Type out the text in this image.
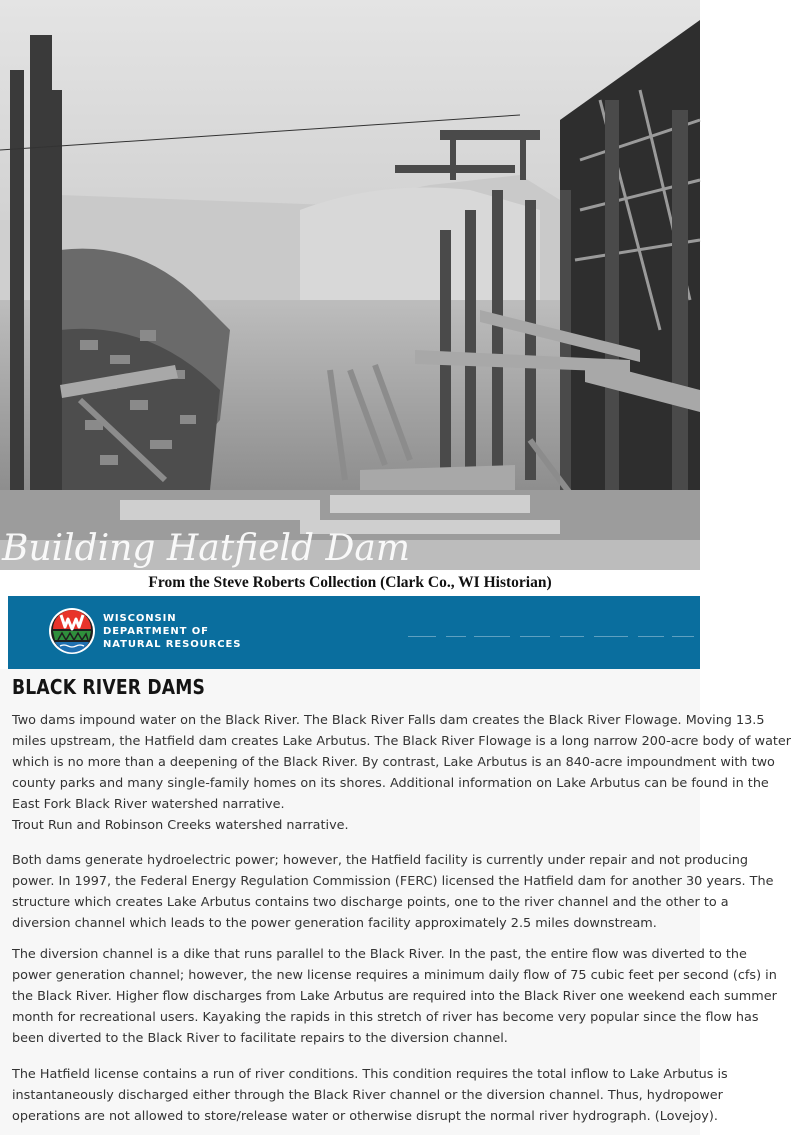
Building Hatfield Dam
From the Steve Roberts Collection (Clark Co., WI Historian)
WISCONSIN
DEPARTMENT OF
NATURAL RESOURCES
BLACK RIVER DAMS

Two dams impound water on the Black River. The Black River Falls dam creates the Black River Flowage. Moving 13.5
miles upstream, the Hatfield dam creates Lake Arbutus. The Black River Flowage is a long narrow 200-acre body of water
which is no more than a deepening of the Black River. By contrast, Lake Arbutus is an 840-acre impoundment with two
county parks and many single-family homes on its shores. Additional information on Lake Arbutus can be found in the
East Fork Black River watershed narrative.
Trout Run and Robinson Creeks watershed narrative.

Both dams generate hydroelectric power; however, the Hatfield facility is currently under repair and not producing
power. In 1997, the Federal Energy Regulation Commission (FERC) licensed the Hatfield dam for another 30 years. The
structure which creates Lake Arbutus contains two discharge points, one to the river channel and the other to a
diversion channel which leads to the power generation facility approximately 2.5 miles downstream.

The diversion channel is a dike that runs parallel to the Black River. In the past, the entire flow was diverted to the
power generation channel; however, the new license requires a minimum daily flow of 75 cubic feet per second (cfs) in
the Black River. Higher flow discharges from Lake Arbutus are required into the Black River one weekend each summer
month for recreational users. Kayaking the rapids in this stretch of river has become very popular since the flow has
been diverted to the Black River to facilitate repairs to the diversion channel.

The Hatfield license contains a run of river conditions. This condition requires the total inflow to Lake Arbutus is
instantaneously discharged either through the Black River channel or the diversion channel. Thus, hydropower
operations are not allowed to store/release water or otherwise disrupt the normal river hydrograph. (Lovejoy).
